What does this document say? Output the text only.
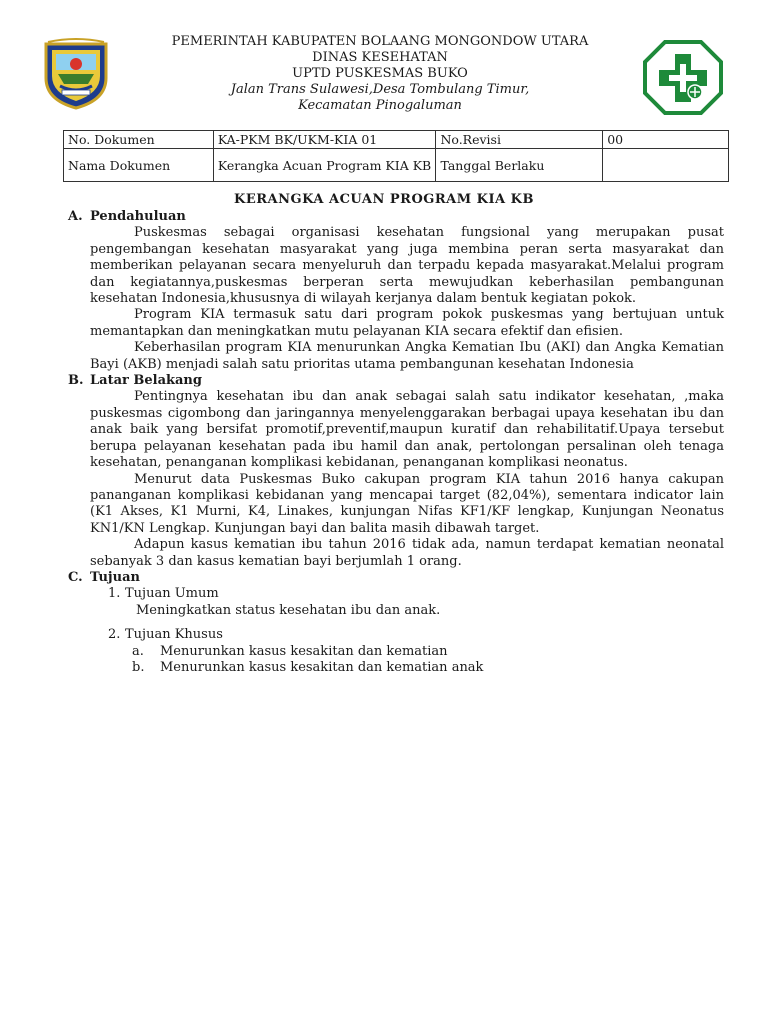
PEMERINTAH KABUPATEN BOLAANG MONGONDOW UTARA
DINAS KESEHATAN
UPTD PUSKESMAS BUKO
Jalan Trans Sulawesi,Desa Tombulang Timur,
Kecamatan Pinogaluman
No. Dokumen	KA-PKM BK/UKM-KIA 01	No.Revisi	00
Nama Dokumen	Kerangka Acuan Program KIA KB	Tanggal Berlaku	
KERANGKA ACUAN PROGRAM KIA KB
A. Pendahuluan
Puskesmas sebagai organisasi kesehatan fungsional yang merupakan pusat pengembangan kesehatan masyarakat yang juga membina peran serta masyarakat dan memberikan pelayanan secara menyeluruh dan terpadu kepada masyarakat.Melalui program dan kegiatannya,puskesmas berperan serta mewujudkan keberhasilan pembangunan kesehatan Indonesia,khususnya di wilayah kerjanya dalam bentuk kegiatan pokok.
Program KIA termasuk satu dari program pokok puskesmas yang bertujuan untuk memantapkan dan meningkatkan mutu pelayanan KIA secara efektif dan efisien.
Keberhasilan program KIA menurunkan Angka Kematian Ibu (AKI) dan Angka Kematian Bayi (AKB) menjadi salah satu prioritas utama pembangunan kesehatan Indonesia
B. Latar Belakang
Pentingnya kesehatan ibu dan anak sebagai salah satu indikator kesehatan, ,maka puskesmas cigombong dan jaringannya menyelenggarakan berbagai upaya kesehatan ibu dan anak baik yang bersifat promotif,preventif,maupun kuratif dan rehabilitatif.Upaya tersebut berupa pelayanan kesehatan pada ibu hamil dan anak, pertolongan persalinan oleh tenaga kesehatan, penanganan komplikasi kebidanan, penanganan komplikasi neonatus.
Menurut data Puskesmas Buko cakupan program KIA tahun 2016 hanya cakupan pananganan komplikasi kebidanan yang mencapai target (82,04%), sementara indicator lain (K1 Akses, K1 Murni, K4, Linakes, kunjungan Nifas KF1/KF lengkap, Kunjungan Neonatus KN1/KN Lengkap. Kunjungan bayi dan balita masih dibawah target.
Adapun kasus kematian ibu tahun 2016 tidak ada, namun terdapat kematian neonatal sebanyak 3 dan kasus kematian bayi berjumlah 1 orang.
C. Tujuan
1. Tujuan Umum
Meningkatkan status kesehatan ibu dan anak.
2. Tujuan Khusus
a.	Menurunkan kasus kesakitan dan kematian
b.	Menurunkan kasus kesakitan dan kematian anak
